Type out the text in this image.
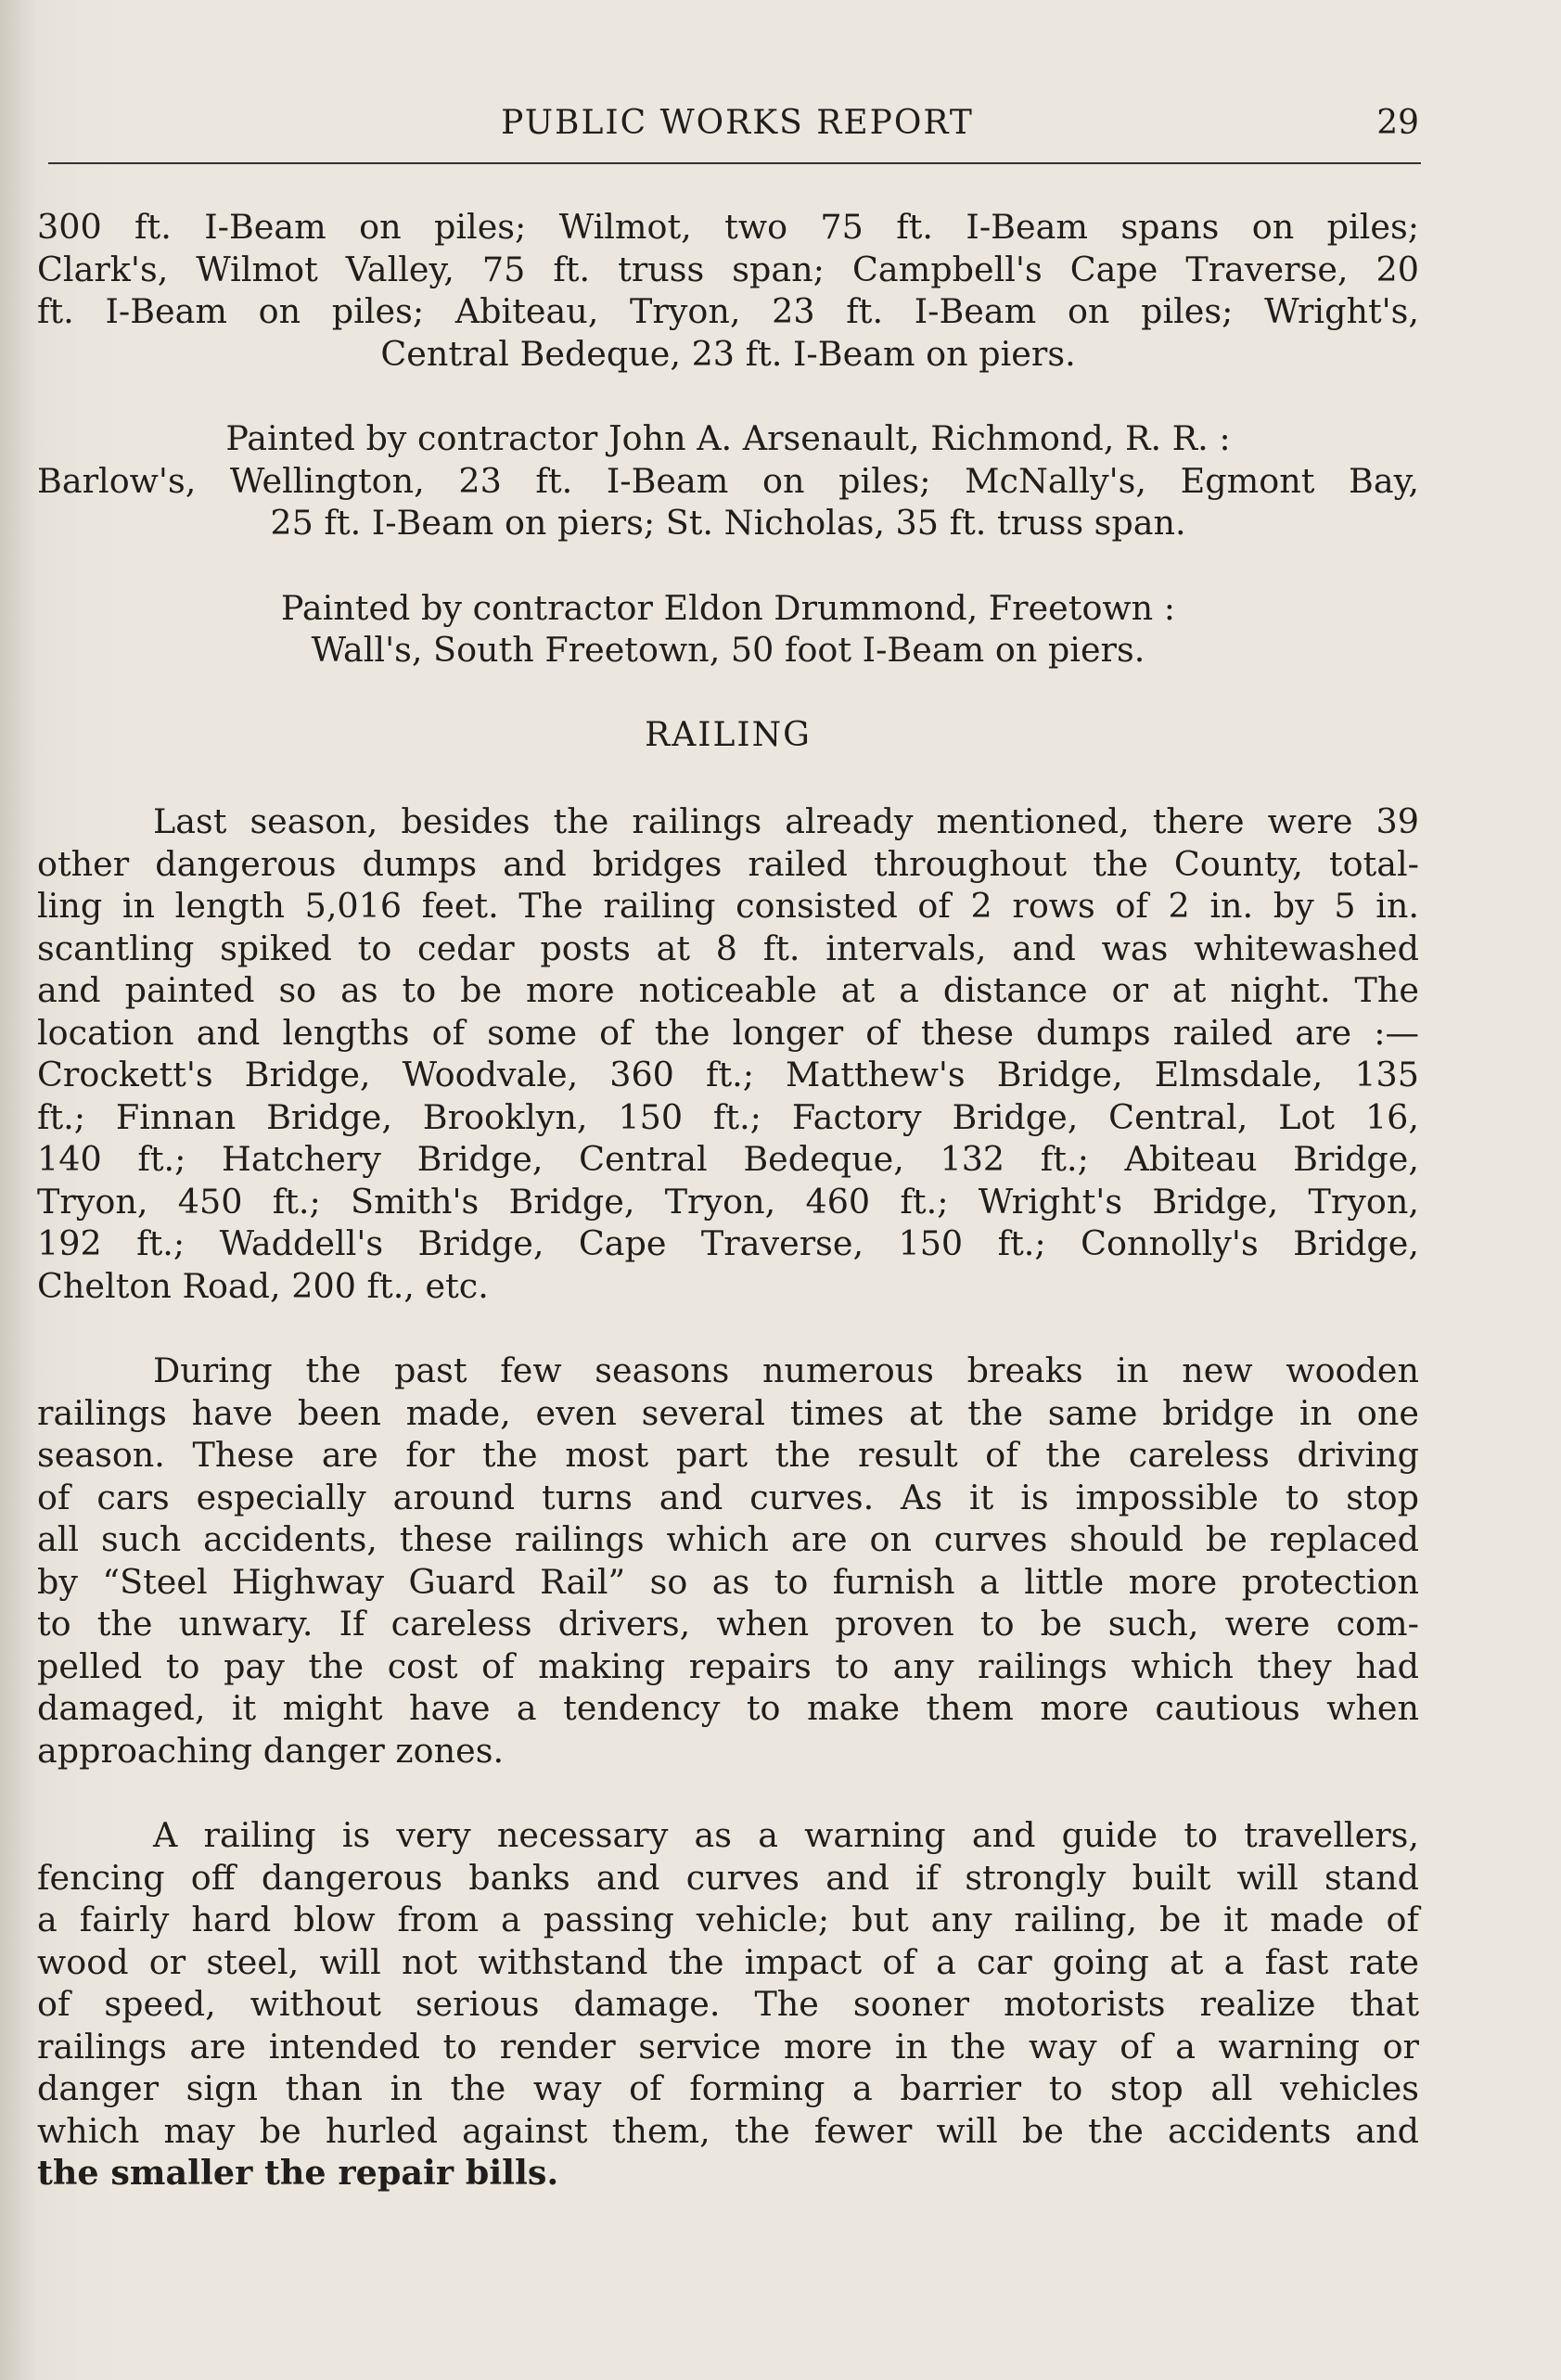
PUBLIC WORKS REPORT	29
300 ft. I-Beam on piles; Wilmot, two 75 ft. I-Beam spans on piles;
Clark's, Wilmot Valley, 75 ft. truss span; Campbell's Cape Traverse, 20
ft. I-Beam on piles; Abiteau, Tryon, 23 ft. I-Beam on piles; Wright's,
Central Bedeque, 23 ft. I-Beam on piers.
Painted by contractor John A. Arsenault, Richmond, R. R. :
Barlow's, Wellington, 23 ft. I-Beam on piles; McNally's, Egmont Bay,
25 ft. I-Beam on piers; St. Nicholas, 35 ft. truss span.
Painted by contractor Eldon Drummond, Freetown :
Wall's, South Freetown, 50 foot I-Beam on piers.
RAILING
Last season, besides the railings already mentioned, there were 39
other dangerous dumps and bridges railed throughout the County, total-
ling in length 5,016 feet. The railing consisted of 2 rows of 2 in. by 5 in.
scantling spiked to cedar posts at 8 ft. intervals, and was whitewashed
and painted so as to be more noticeable at a distance or at night. The
location and lengths of some of the longer of these dumps railed are :—
Crockett's Bridge, Woodvale, 360 ft.; Matthew's Bridge, Elmsdale, 135
ft.; Finnan Bridge, Brooklyn, 150 ft.; Factory Bridge, Central, Lot 16,
140 ft.; Hatchery Bridge, Central Bedeque, 132 ft.; Abiteau Bridge,
Tryon, 450 ft.; Smith's Bridge, Tryon, 460 ft.; Wright's Bridge, Tryon,
192 ft.; Waddell's Bridge, Cape Traverse, 150 ft.; Connolly's Bridge,
Chelton Road, 200 ft., etc.
During the past few seasons numerous breaks in new wooden
railings have been made, even several times at the same bridge in one
season. These are for the most part the result of the careless driving
of cars especially around turns and curves. As it is impossible to stop
all such accidents, these railings which are on curves should be replaced
by “Steel Highway Guard Rail” so as to furnish a little more protection
to the unwary. If careless drivers, when proven to be such, were com-
pelled to pay the cost of making repairs to any railings which they had
damaged, it might have a tendency to make them more cautious when
approaching danger zones.
A railing is very necessary as a warning and guide to travellers,
fencing off dangerous banks and curves and if strongly built will stand
a fairly hard blow from a passing vehicle; but any railing, be it made of
wood or steel, will not withstand the impact of a car going at a fast rate
of speed, without serious damage. The sooner motorists realize that
railings are intended to render service more in the way of a warning or
danger sign than in the way of forming a barrier to stop all vehicles
which may be hurled against them, the fewer will be the accidents and
the smaller the repair bills.
